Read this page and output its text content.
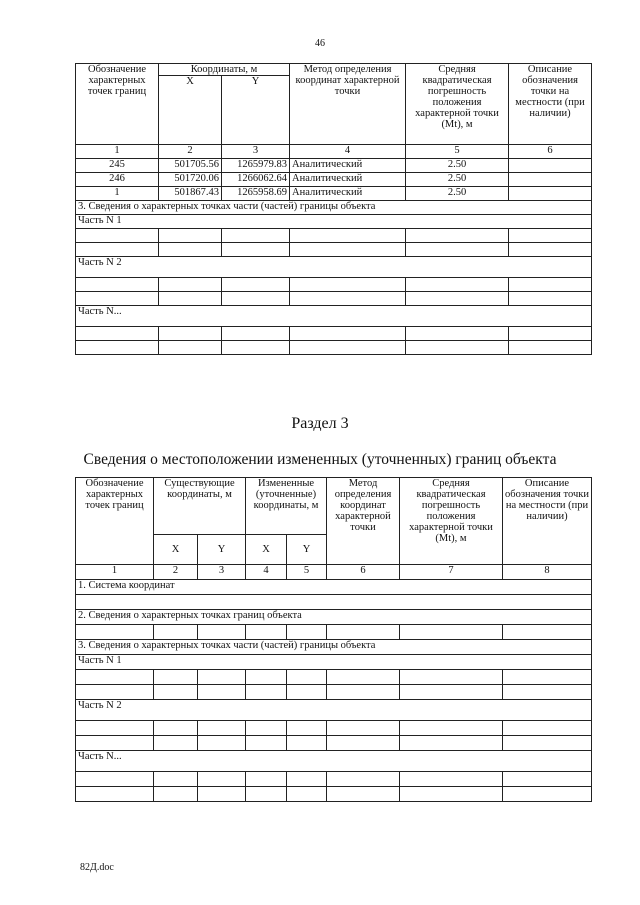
46
Обозначение характерных точек границ	Координаты, м		Метод определения координат характерной точки	Средняя квадратическая погрешность положения характерной точки (Mt), м	Описание обозначения точки на местности (при наличии)
	X	Y			
1	2	3	4	5	6
245	501705.56	1265979.83	Аналитический	2.50	
246	501720.06	1266062.64	Аналитический	2.50	
1	501867.43	1265958.69	Аналитический	2.50	
3. Сведения о характерных точках части (частей) границы объекта					
Часть N 1					

Часть N 2					

Часть N...					

Раздел 3
Сведения о местоположении измененных (уточненных) границ объекта
Обозначение характерных точек границ	Существующие координаты, м		Измененные (уточненные) координаты, м		Метод определения координат характерной точки	Средняя квадратическая погрешность положения характерной точки (Mt), м	Описание обозначения точки на местности (при наличии)
	X	Y	X	Y			
1	2	3	4	5	6	7	8
1. Система координат							

2. Сведения о характерных точках границ объекта							

3. Сведения о характерных точках части (частей) границы объекта							
Часть N 1							

Часть N 2							

Часть N...							

82Д.doc
